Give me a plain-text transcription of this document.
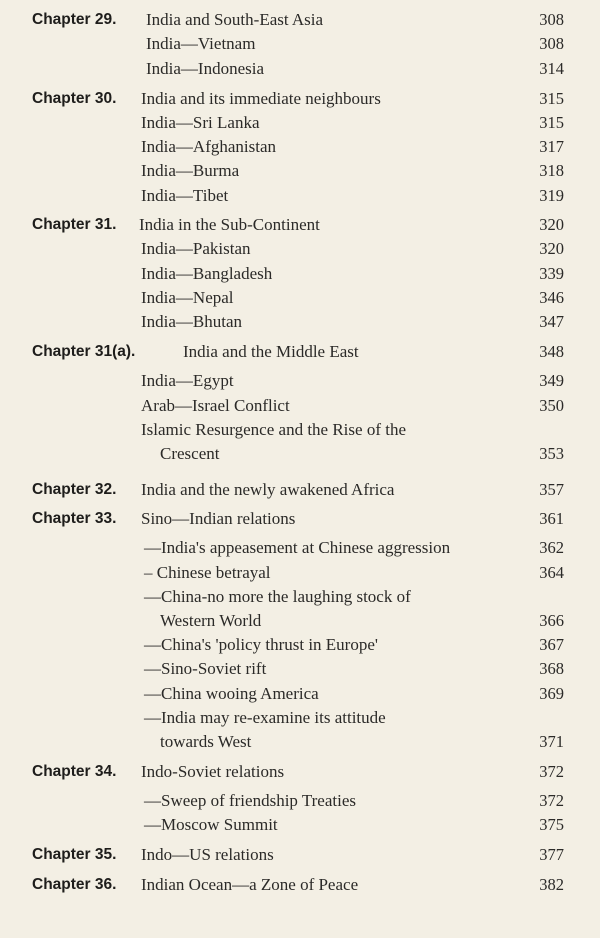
Chapter 29. India and South-East Asia	308
India—Vietnam	308
India—Indonesia	314
Chapter 30. India and its immediate neighbours	315
India—Sri Lanka	315
India—Afghanistan	317
India—Burma	318
India—Tibet	319
Chapter 31. India in the Sub-Continent	320
India—Pakistan	320
India—Bangladesh	339
India—Nepal	346
India—Bhutan	347
Chapter 31(a).	India and the Middle East	348
India—Egypt	349
Arab—Israel Conflict	350
Islamic Resurgence and the Rise of the
Crescent	353
Chapter 32. India and the newly awakened Africa	357
Chapter 33. Sino—Indian relations	361
—India's appeasement at Chinese aggression	362
– Chinese betrayal	364
—China-no more the laughing stock of
Western World	366
—China's 'policy thrust in Europe'	367
—Sino-Soviet rift	368
—China wooing America	369
—India may re-examine its attitude
towards West	371
Chapter 34. Indo-Soviet relations	372
—Sweep of friendship Treaties	372
—Moscow Summit	375
Chapter 35. Indo—US relations	377
Chapter 36. Indian Ocean—a Zone of Peace	382
